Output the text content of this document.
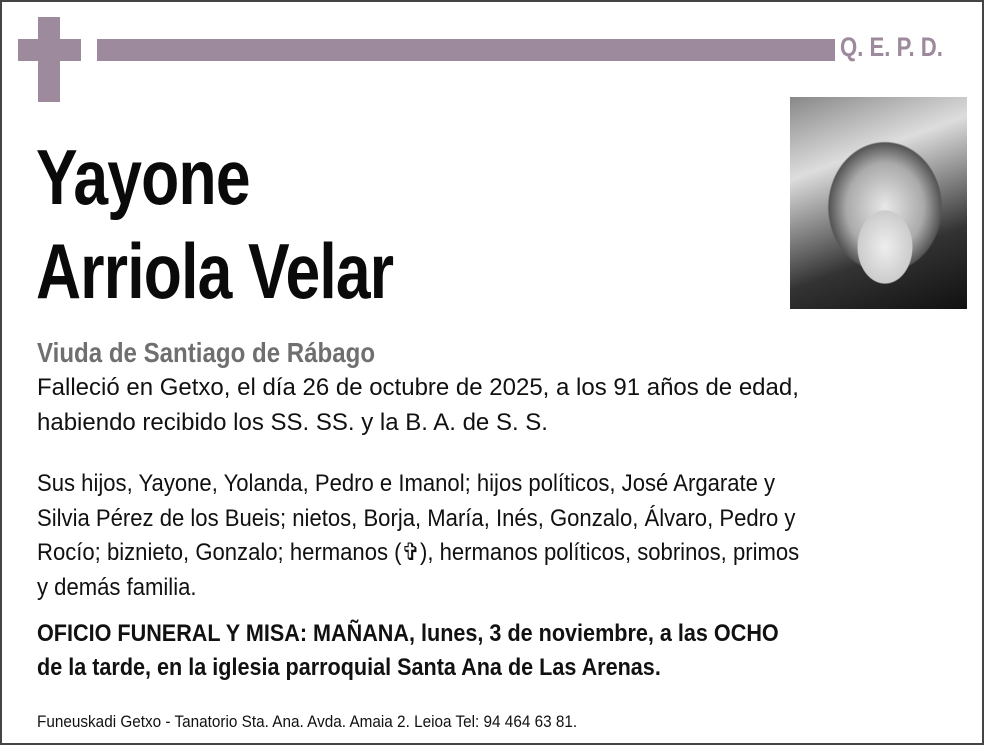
Q. E. P. D.
Yayone
Arriola Velar
Viuda de Santiago de Rábago
Falleció en Getxo, el día 26 de octubre de 2025, a los 91 años de edad,
habiendo recibido los SS. SS. y la B. A. de S. S.
Sus hijos, Yayone, Yolanda, Pedro e Imanol; hijos políticos, José Argarate y
Silvia Pérez de los Bueis; nietos, Borja, María, Inés, Gonzalo, Álvaro, Pedro y
Rocío; biznieto, Gonzalo; hermanos (✞), hermanos políticos, sobrinos, primos
y demás familia.
OFICIO FUNERAL Y MISA: MAÑANA, lunes, 3 de noviembre, a las OCHO
de la tarde, en la iglesia parroquial Santa Ana de Las Arenas.
Funeuskadi Getxo - Tanatorio Sta. Ana. Avda. Amaia 2. Leioa Tel: 94 464 63 81.
